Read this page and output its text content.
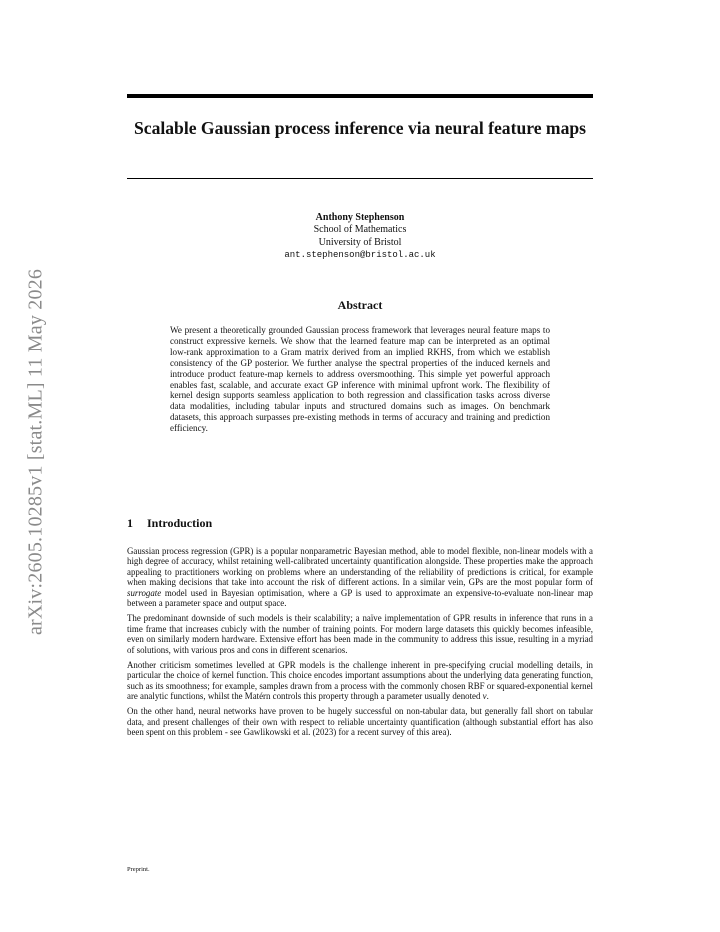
arXiv:2605.10285v1 [stat.ML] 11 May 2026
Scalable Gaussian process inference via neural feature maps
Anthony Stephenson
School of Mathematics
University of Bristol
ant.stephenson@bristol.ac.uk
Abstract

We present a theoretically grounded Gaussian process framework that leverages neural feature maps to construct expressive kernels. We show that the learned feature map can be interpreted as an optimal low-rank approximation to a Gram matrix derived from an implied RKHS, from which we establish consistency of the GP posterior. We further analyse the spectral properties of the induced kernels and introduce product feature-map kernels to address oversmoothing. This simple yet powerful approach enables fast, scalable, and accurate exact GP inference with minimal upfront work. The flexibility of kernel design supports seamless application to both regression and classification tasks across diverse data modalities, including tabular inputs and structured domains such as images. On benchmark datasets, this approach surpasses pre-existing methods in terms of accuracy and training and prediction efficiency.

1 Introduction

Gaussian process regression (GPR) is a popular nonparametric Bayesian method, able to model flexible, non-linear models with a high degree of accuracy, whilst retaining well-calibrated uncertainty quantification alongside. These properties make the approach appealing to practitioners working on problems where an understanding of the reliability of predictions is critical, for example when making decisions that take into account the risk of different actions. In a similar vein, GPs are the most popular form of surrogate model used in Bayesian optimisation, where a GP is used to approximate an expensive-to-evaluate non-linear map between a parameter space and output space.

The predominant downside of such models is their scalability; a naïve implementation of GPR results in inference that runs in a time frame that increases cubicly with the number of training points. For modern large datasets this quickly becomes infeasible, even on similarly modern hardware. Extensive effort has been made in the community to address this issue, resulting in a myriad of solutions, with various pros and cons in different scenarios.

Another criticism sometimes levelled at GPR models is the challenge inherent in pre-specifying crucial modelling details, in particular the choice of kernel function. This choice encodes important assumptions about the underlying data generating function, such as its smoothness; for example, samples drawn from a process with the commonly chosen RBF or squared-exponential kernel are analytic functions, whilst the Matérn controls this property through a parameter usually denoted ν.

On the other hand, neural networks have proven to be hugely successful on non-tabular data, but generally fall short on tabular data, and present challenges of their own with respect to reliable uncertainty quantification (although substantial effort has also been spent on this problem - see Gawlikowski et al. (2023) for a recent survey of this area).

Preprint.
